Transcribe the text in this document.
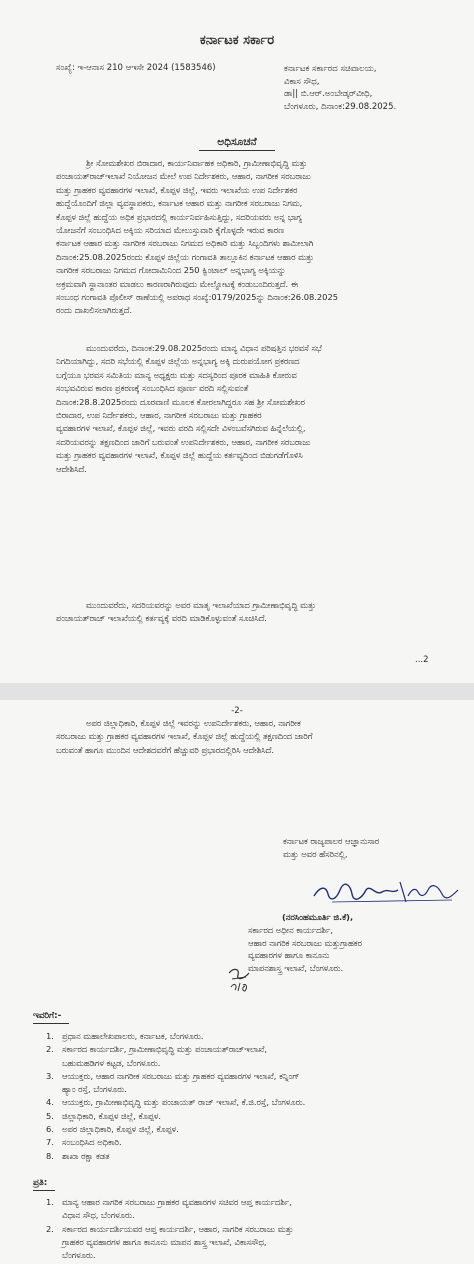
ಕರ್ನಾಟಕ ಸರ್ಕಾರ
ಸಂಖ್ಯೆ: ಇ-ಆನಾಸ 210 ಆಇಸೇ 2024 (1583546)	ಕರ್ನಾಟಕ ಸರ್ಕಾರದ ಸಚಿವಾಲಯ,
ವಿಕಾಸ ಸೌಧ,
ಡಾ|| ಬಿ.ಆರ್.ಅಂಬೇಡ್ಕರ್‌ವೀಧಿ,
ಬೆಂಗಳೂರು, ದಿನಾಂಕ:29.08.2025.
ಅಧಿಸೂಚನೆ
ಶ್ರೀ ಸೋಮಶೇಖರ ಬಿರಾದಾರ, ಕಾರ್ಯನಿರ್ವಾಹಕ ಅಧಿಕಾರಿ, ಗ್ರಾಮೀಣಾಭಿವೃದ್ಧಿ ಮತ್ತು
ಪಂಚಾಯತ್‌ರಾಜ್‌ಇಲಾಖೆ ನಿಯೋಜನ ಮೇಲೆ ಉಪ ನಿರ್ದೇಶಕರು, ಆಹಾರ, ನಾಗರೀಕ ಸರಬರಾಜು
ಮತ್ತು ಗ್ರಾಹಕರ ವ್ಯವಹಾರಗಳ ಇಲಾಖೆ, ಕೊಪ್ಪಳ ಜಿಲ್ಲೆ, ಇವರು ಇಲಾಖೆಯ ಉಪ ನಿರ್ದೇಶಕರ
ಹುದ್ದೆಯೊಂದಿಗೆ ಜಿಲ್ಲಾ ವ್ಯವಸ್ಥಾಪಕರು, ಕರ್ನಾಟಕ ಆಹಾರ ಮತ್ತು ನಾಗರೀಕ ಸರಬರಾಜು ನಿಗಮ,
ಕೊಪ್ಪಳ ಜಿಲ್ಲೆ ಹುದ್ದೆಯ ಅಧಿಕ ಪ್ರಭಾರದಲ್ಲಿ ಕಾರ್ಯನಿರ್ವಹಿಸುತ್ತಿದ್ದು, ಸದರಿಯವರು ಅನ್ನ ಭಾಗ್ಯ
ಯೋಜನೆಗೆ ಸಂಬಂಧಿಸಿದ ಅಕ್ಕಿಯ ಸರಿಯಾದ ಮೇಲುಸ್ತುವಾರಿ ಕೈಗೊಳ್ಳದೇ ಇರುವ ಕಾರಣ
ಕರ್ನಾಟಕ ಆಹಾರ ಮತ್ತು ನಾಗರೀಕ ಸರಬರಾಜು ನಿಗಮದ ಅಧಿಕಾರಿ ಮತ್ತು ಸಿಬ್ಬಂದಿಗಳು ಶಾಮೀಲಾಗಿ
ದಿನಾಂಕ:25.08.2025ರಂದು ಕೊಪ್ಪಳ ಜಿಲ್ಲೆಯ ಗಂಗಾವತಿ ತಾಲ್ಲೂಕಿನ ಕರ್ನಾಟಕ ಆಹಾರ ಮತ್ತು
ನಾಗರೀಕ ಸರಬರಾಜು ನಿಗಮದ ಗೋದಾಮಿನಿಂದ 250 ಕ್ವಿಂಟಾಲ್ ಅನ್ನಭಾಗ್ಯ ಅಕ್ಕಿಯನ್ನು
ಅಕ್ರಮವಾಗಿ ಸ್ಥಾನಾಂತರ ಮಾಡಲು ಕಾರಣರಾಗಿರುವುದು ಮೇಲ್ನೋಟಕ್ಕೆ ಕಂಡುಬಂದಿರುತ್ತದೆ. ಈ
ಸಂಬಂಧ ಗಂಗಾವತಿ ಪೊಲೀಸ್ ಠಾಣೆಯಲ್ಲಿ ಅಪರಾಧ ಸಂಖ್ಯೆ:0179/2025ನ್ನು ದಿನಾಂಕ:26.08.2025
ರಂದು ದಾಖಲಿಸಲಾಗಿರುತ್ತದೆ.
ಮುಂದುವರೆದು, ದಿನಾಂಕ:29.08.2025ರಂದು ಮಾನ್ಯ ವಿಧಾನ ಪರಿಷತ್ತಿನ ಭರವಸೆ ಸಭೆ
ನಿಗದಿಯಾಗಿದ್ದು, ಸದರಿ ಸಭೆಯಲ್ಲಿ ಕೊಪ್ಪಳ ಜಿಲ್ಲೆಯ ಅನ್ನಭಾಗ್ಯ ಅಕ್ಕಿ ದುರುಪಯೋಗ ಪ್ರಕರಣದ
ಬಗ್ಗೆಯೂ ಭರವಸ ಸಮಿತಿಯ ಮಾನ್ಯ ಅಧ್ಯಕ್ಷರು ಮತ್ತು ಸದಸ್ಯರಿಂದ ಪೂರಕ ಮಾಹಿತಿ ಕೋರುವ
ಸಂಭವವಿರುವ ಕಾರಣ ಪ್ರಕರಣಕ್ಕೆ ಸಂಬಂಧಿಸಿದ ಪೂರ್ಣ ವರದಿ ಸಲ್ಲಿಸುವಂತೆ
ದಿನಾಂಕ:28.8.2025ರಂದು ದೂರವಾಣಿ ಮೂಲಕ ಕೋರಲಾಗಿದ್ದರೂ ಸಹ ಶ್ರೀ ಸೋಮಶೇಖರ
ಬಿರಾದಾರ, ಉಪ ನಿರ್ದೇಶಕರು, ಆಹಾರ, ನಾಗರೀಕ ಸರಬರಾಜು ಮತ್ತು ಗ್ರಾಹಕರ
ವ್ಯವಹಾರಗಳ ಇಲಾಖೆ, ಕೊಪ್ಪಳ ಜಿಲ್ಲೆ, ಇವರು ವರದಿ ಸಲ್ಲಿಸದೇ ವಿಳಂಬವೆಸಗಿರುವ ಹಿನ್ನೆಲೆಯಲ್ಲಿ,
ಸದರಿಯವರನ್ನು ತಕ್ಷಣದಿಂದ ಜಾರಿಗೆ ಬರುವಂತೆ ಉಪನಿರ್ದೇಶಕರು, ಆಹಾರ, ನಾಗರೀಕ ಸರಬರಾಜು
ಮತ್ತು ಗ್ರಾಹಕರ ವ್ಯವಹಾರಗಳ ಇಲಾಖೆ, ಕೊಪ್ಪಳ ಜಿಲ್ಲೆ ಹುದ್ದೆಯ ಕರ್ತವ್ಯದಿಂದ ಬಿಡುಗಡೆಗೊಳಿಸಿ
ಆದೇಶಿಸಿದೆ.
ಮುಂದುವರೆದು, ಸದರಿಯವರನ್ನು ಅವರ ಮಾತೃ ಇಲಾಖೆಯಾದ ಗ್ರಾಮೀಣಾಭಿವೃದ್ಧಿ ಮತ್ತು
ಪಂಚಾಯತ್‌ರಾಜ್ ಇಲಾಖೆಯಲ್ಲಿ ಕರ್ತವ್ಯಕ್ಕೆ ವರದಿ ಮಾಡಿಕೊಳ್ಳುವಂತೆ ಸೂಚಿಸಿದೆ.
...2
-2-
ಅಪರ ಜಿಲ್ಲಾಧಿಕಾರಿ, ಕೊಪ್ಪಳ ಜಿಲ್ಲೆ ಇವರನ್ನು ಉಪನಿರ್ದೇಶಕರು, ಆಹಾರ, ನಾಗರೀಕ
ಸರಬರಾಜು ಮತ್ತು ಗ್ರಾಹಕರ ವ್ಯವಹಾರಗಳ ಇಲಾಖೆ, ಕೊಪ್ಪಳ ಜಿಲ್ಲೆ ಹುದ್ದೆಯಲ್ಲಿ ತಕ್ಷಣದಿಂದ ಜಾರಿಗೆ
ಬರುವಂತೆ ಹಾಗೂ ಮುಂದಿನ ಆದೇಶದವರೆಗೆ ಹೆಚ್ಚುವರಿ ಪ್ರಭಾರದಲ್ಲಿರಿಸಿ ಆದೇಶಿಸಿದೆ.
ಕರ್ನಾಟಕ ರಾಜ್ಯಪಾಲರ ಆಜ್ಞಾನುಸಾರ
ಮತ್ತು ಅವರ ಹೆಸರಿನಲ್ಲಿ,
(ನರಸಿಂಹಮೂರ್ತಿ ಜಿ.ಕೆ),
ಸರ್ಕಾರದ ಅಧೀನ ಕಾರ್ಯದರ್ಶಿ,
ಆಹಾರ ನಾಗರಿಕ ಸರಬರಾಜು ಮತ್ತುಗ್ರಾಹಕರ
ವ್ಯವಹಾರಗಳ ಹಾಗೂ ಕಾನೂನು
ಮಾಪನಶಾಸ್ತ್ರ ಇಲಾಖೆ, ಬೆಂಗಳೂರು.
ಇವರಿಗೆ:-
1. ಪ್ರಧಾನ ಮಹಾಲೇಖಪಾಲರು, ಕರ್ನಾಟಕ, ಬೆಂಗಳೂರು.
2. ಸರ್ಕಾರದ ಕಾರ್ಯದರ್ಶಿ, ಗ್ರಾಮೀಣಾಭಿವೃದ್ಧಿ ಮತ್ತು ಪಂಚಾಯತ್‌ರಾಜ್‌ಇಲಾಖೆ,
ಬಹುಮಹಡಿಗಳ ಕಟ್ಟಡ, ಬೆಂಗಳೂರು.
3. ಆಯುಕ್ತರು, ಆಹಾರ ನಾಗರೀಕ ಸರಬರಾಜು ಮತ್ತು ಗ್ರಾಹಕರ ವ್ಯವಹಾರಗಳ ಇಲಾಖೆ, ಕನ್ನಿಂಗ್
ಹ್ಯಾಂ ರಸ್ತೆ, ಬೆಂಗಳೂರು.
4. ಆಯುಕ್ತರು, ಗ್ರಾಮೀಣಾಭಿವೃದ್ಧಿ ಮತ್ತು ಪಂಚಾಯತ್ ರಾಜ್ ಇಲಾಖೆ, ಕೆ.ಜಿ.ರಸ್ತೆ, ಬೆಂಗಳೂರು.
5. ಜಿಲ್ಲಾಧಿಕಾರಿ, ಕೊಪ್ಪಳ ಜಿಲ್ಲೆ, ಕೊಪ್ಪಳ.
6. ಅಪರ ಜಿಲ್ಲಾಧಿಕಾರಿ, ಕೊಪ್ಪಳ ಜಿಲ್ಲೆ, ಕೊಪ್ಪಳ.
7. ಸಂಬಂಧಿಸಿದ ಅಧಿಕಾರಿ.
8. ಶಾಖಾ ರಕ್ಷಾ ಕಡತ
ಪ್ರತಿ:
1. ಮಾನ್ಯ ಆಹಾರ ನಾಗರಿಕ ಸರಬರಾಜು ಗ್ರಾಹಕರ ವ್ಯವಹಾರಗಳ ಸಚಿವರ ಆಪ್ತ ಕಾರ್ಯದರ್ಶಿ,
ವಿಧಾನ ಸೌಧ, ಬೆಂಗಳೂರು.
2. ಸರ್ಕಾರದ ಕಾರ್ಯದರ್ಶಿಯವರ ಆಪ್ತ ಕಾರ್ಯದರ್ಶಿ, ಆಹಾರ, ನಾಗರಿಕ ಸರಬರಾಜು ಮತ್ತು
ಗ್ರಾಹಕರ ವ್ಯವಹಾರಗಳ ಹಾಗೂ ಕಾನೂನು ಮಾಪನ ಶಾಸ್ತ್ರ ಇಲಾಖೆ, ವಿಕಾಸಸೌಧ,
ಬೆಂಗಳೂರು.
